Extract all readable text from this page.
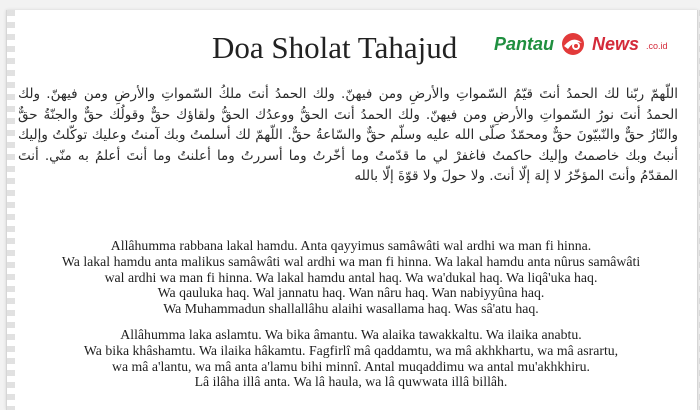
Doa Sholat Tahajud Pantau News .co.id
اللّهمّ ربّنا لك الحمدُ أنتَ قيّمُ السّمواتِ والأرضِ ومن فيهنّ. ولك الحمدُ أنتَ ملكُ السّمواتِ والأرضِ ومن فيهنّ. ولك الحمدُ أنتَ نورُ السّمواتِ والأرضِ ومن فيهنّ. ولك الحمدُ أنتَ الحقُّ ووعدُك الحقُّ ولقاؤك حقٌّ وقولُك حقٌّ والجنّةُ حقٌّ والنّارُ حقٌّ والنّبيّونَ حقٌّ ومحمّدٌ صلّى الله عليه وسلّم حقٌّ والسّاعةُ حقٌّ. اللّهمّ لك أسلمتُ وبك آمنتُ وعليك توكّلتُ وإليك أنبتُ وبك خاصمتُ وإليك حاكمتُ فاغفرْ لي ما قدّمتُ وما أخّرتُ وما أسررتُ وما أعلنتُ وما أنتَ أعلمُ به منّي. أنتَ المقدّمُ وأنتَ المؤخّرُ لا إلهَ إلّا أنتَ. ولا حولَ ولا قوّةَ إلّا بالله

Allâhumma rabbana lakal hamdu. Anta qayyimus samâwâti wal ardhi wa man fi hinna.

Wa lakal hamdu anta malikus samâwâti wal ardhi wa man fi hinna. Wa lakal hamdu anta nûrus samâwâti

wal ardhi wa man fi hinna. Wa lakal hamdu antal haq. Wa wa'dukal haq. Wa liqâ'uka haq.

Wa qauluka haq. Wal jannatu haq. Wan nâru haq. Wan nabiyyûna haq.

Wa Muhammadun shallallâhu alaihi wasallama haq. Was sâ'atu haq.

Allâhumma laka aslamtu. Wa bika âmantu. Wa alaika tawakkaltu. Wa ilaika anabtu.

Wa bika khâshamtu. Wa ilaika hâkamtu. Fagfirlî mâ qaddamtu, wa mâ akhkhartu, wa mâ asrartu,

wa mâ a'lantu, wa mâ anta a'lamu bihi minnî. Antal muqaddimu wa antal mu'akhkhiru.

Lâ ilâha illâ anta. Wa lâ haula, wa lâ quwwata illâ billâh.
